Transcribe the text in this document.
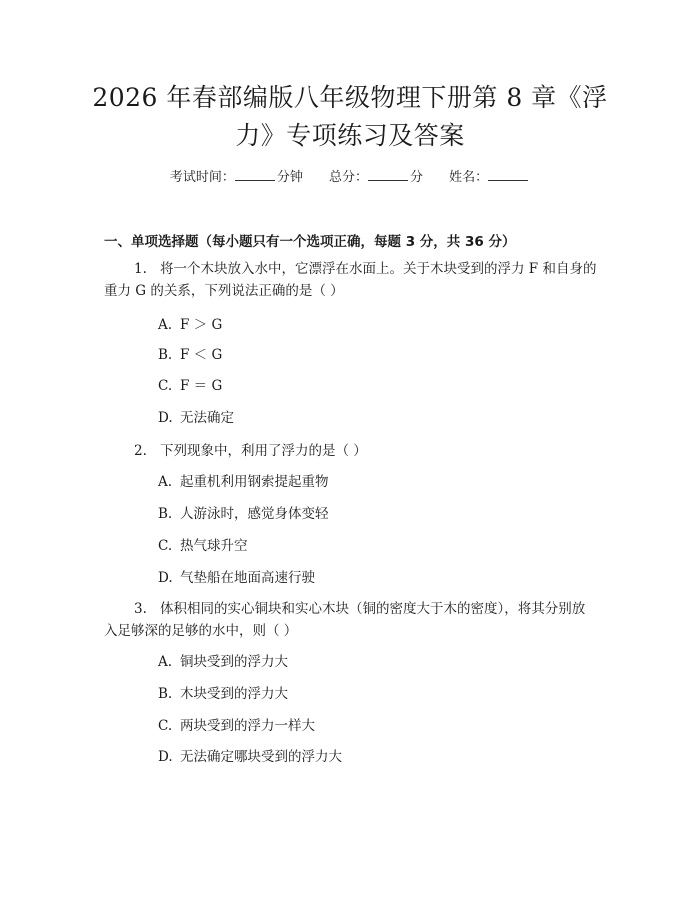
2026 年春部编版八年级物理下册第 8 章《浮
力》专项练习及答案
考试时间：	分钟 总分：	分 姓名：
一、单项选择题（每小题只有一个选项正确，每题 3 分，共 36 分）
1. 将一个木块放入水中，它漂浮在水面上。关于木块受到的浮力 F 和自身的
重力 G 的关系，下列说法正确的是（ ）
A. F ＞ G
B. F ＜ G
C. F ＝ G
D. 无法确定
2. 下列现象中，利用了浮力的是（ ）
A. 起重机利用钢索提起重物
B. 人游泳时，感觉身体变轻
C. 热气球升空
D. 气垫船在地面高速行驶
3. 体积相同的实心铜块和实心木块（铜的密度大于木的密度），将其分别放
入足够深的足够的水中，则（ ）
A. 铜块受到的浮力大
B. 木块受到的浮力大
C. 两块受到的浮力一样大
D. 无法确定哪块受到的浮力大
